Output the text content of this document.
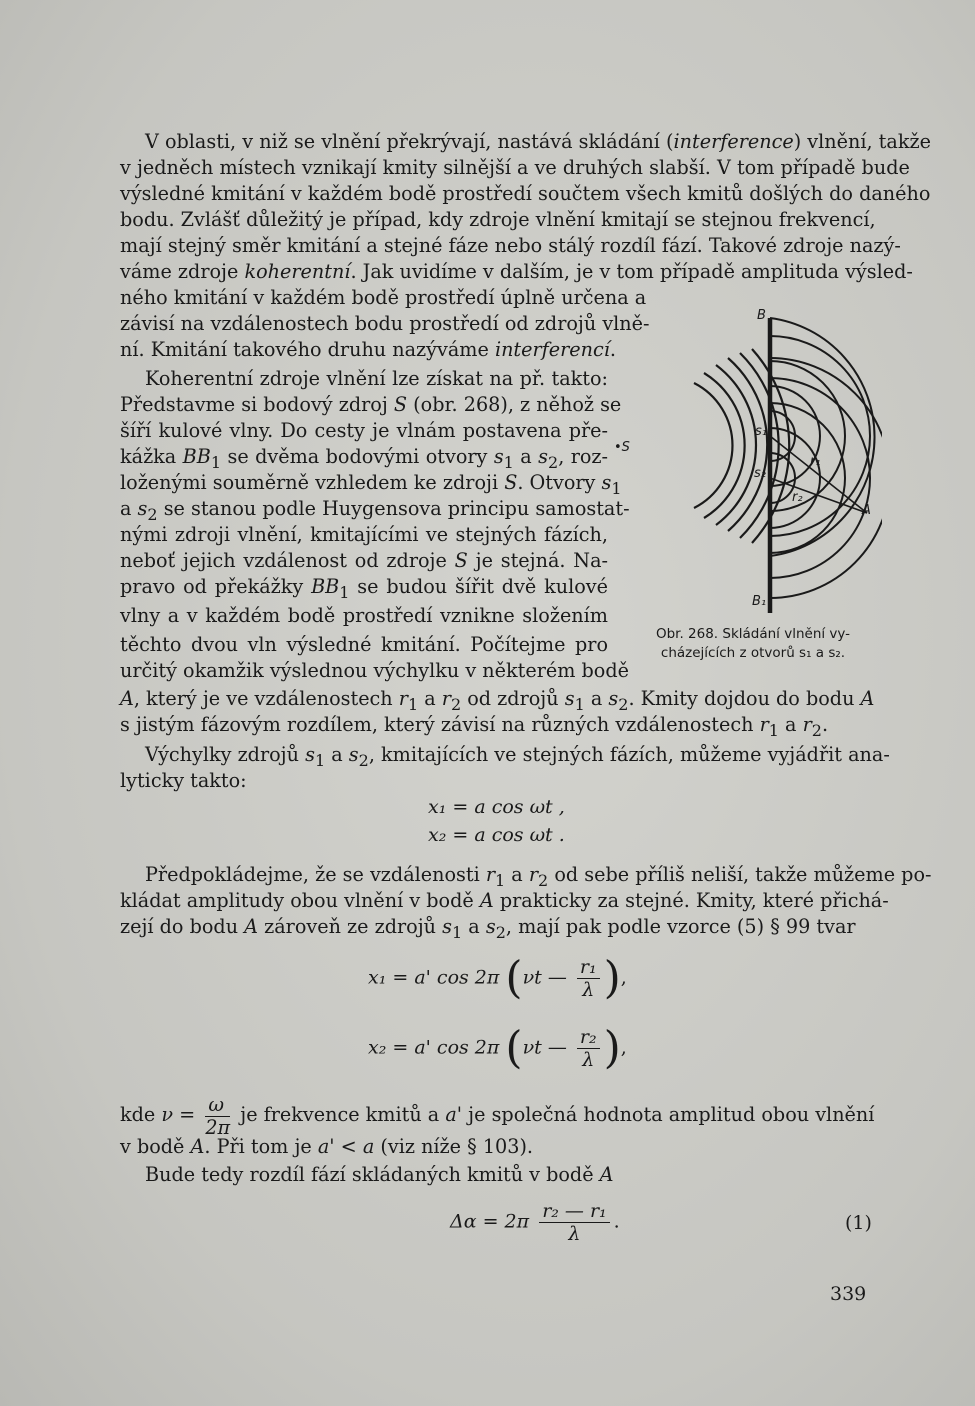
V oblasti, v niž se vlnění překrývají, nastává skládání (interference) vlnění, takže
v jedněch místech vznikají kmity silnější a ve druhých slabší. V tom případě bude
výsledné kmitání v každém bodě prostředí součtem všech kmitů došlých do daného
bodu. Zvlášť důležitý je případ, kdy zdroje vlnění kmitají se stejnou frekvencí,
mají stejný směr kmitání a stejné fáze nebo stálý rozdíl fází. Takové zdroje nazý-
váme zdroje koherentní. Jak uvidíme v dalším, je v tom případě amplituda výsled-
ného kmitání v každém bodě prostředí úplně určena a
závisí na vzdálenostech bodu prostředí od zdrojů vlně-
ní. Kmitání takového druhu nazýváme interferencí.
Koherentní zdroje vlnění lze získat na př. takto:
Představme si bodový zdroj S (obr. 268), z něhož se
šíří kulové vlny. Do cesty je vlnám postavena pře-
kážka $BB_1$ se dvěma bodovými otvory $s_1$ a $s_2$, roz-
loženými souměrně vzhledem ke zdroji S. Otvory $s_1$
a $s_2$ se stanou podle Huygensova principu samostat-
nými zdroji vlnění, kmitajícími ve stejných fázích,
neboť jejich vzdálenost od zdroje S je stejná. Na-
pravo od překážky $BB_1$ se budou šířit dvě kulové
vlny a v každém bodě prostředí vznikne složením
těchto dvou vln výsledné kmitání. Počítejme pro
určitý okamžik výslednou výchylku v některém bodě
A, který je ve vzdálenostech $r_1$ a $r_2$ od zdrojů $s_1$ a $s_2$. Kmity dojdou do bodu A
s jistým fázovým rozdílem, který závisí na různých vzdálenostech $r_1$ a $r_2$.
Výchylky zdrojů $s_1$ a $s_2$, kmitajících ve stejných fázích, můžeme vyjádřit ana-
lyticky takto:
x₁ = a cos ωt ,
x₂ = a cos ωt .
Předpokládejme, že se vzdálenosti $r_1$ a $r_2$ od sebe příliš neliší, takže můžeme po-
kládat amplitudy obou vlnění v bodě A prakticky za stejné. Kmity, které přichá-
zejí do bodu A zároveň ze zdrojů $s_1$ a $s_2$, mají pak podle vzorce (5) § 99 tvar
x₁ = a' cos 2π (νt — $\frac{\text{r₁}}{\lambda}$ ),
x₂ = a' cos 2π (νt — $\frac{\text{r₂}}{\lambda}$ ),
kde $\nu = \frac{\omega}{2\pi}$ je frekvence kmitů a a' je společná hodnota amplitud obou vlnění
v bodě A. Při tom je a' < a (viz níže § 103).
Bude tedy rozdíl fází skládaných kmitů v bodě A
$\Delta\alpha = 2\pi \frac{\text{r₂ — r₁}}{\lambda}$ .	(1)
B
B₁
•S
s₁
s₂
r₁
r₂
A
Obr. 268. Skládání vlnění vy-
cházejících z otvorů s₁ a s₂.
339
